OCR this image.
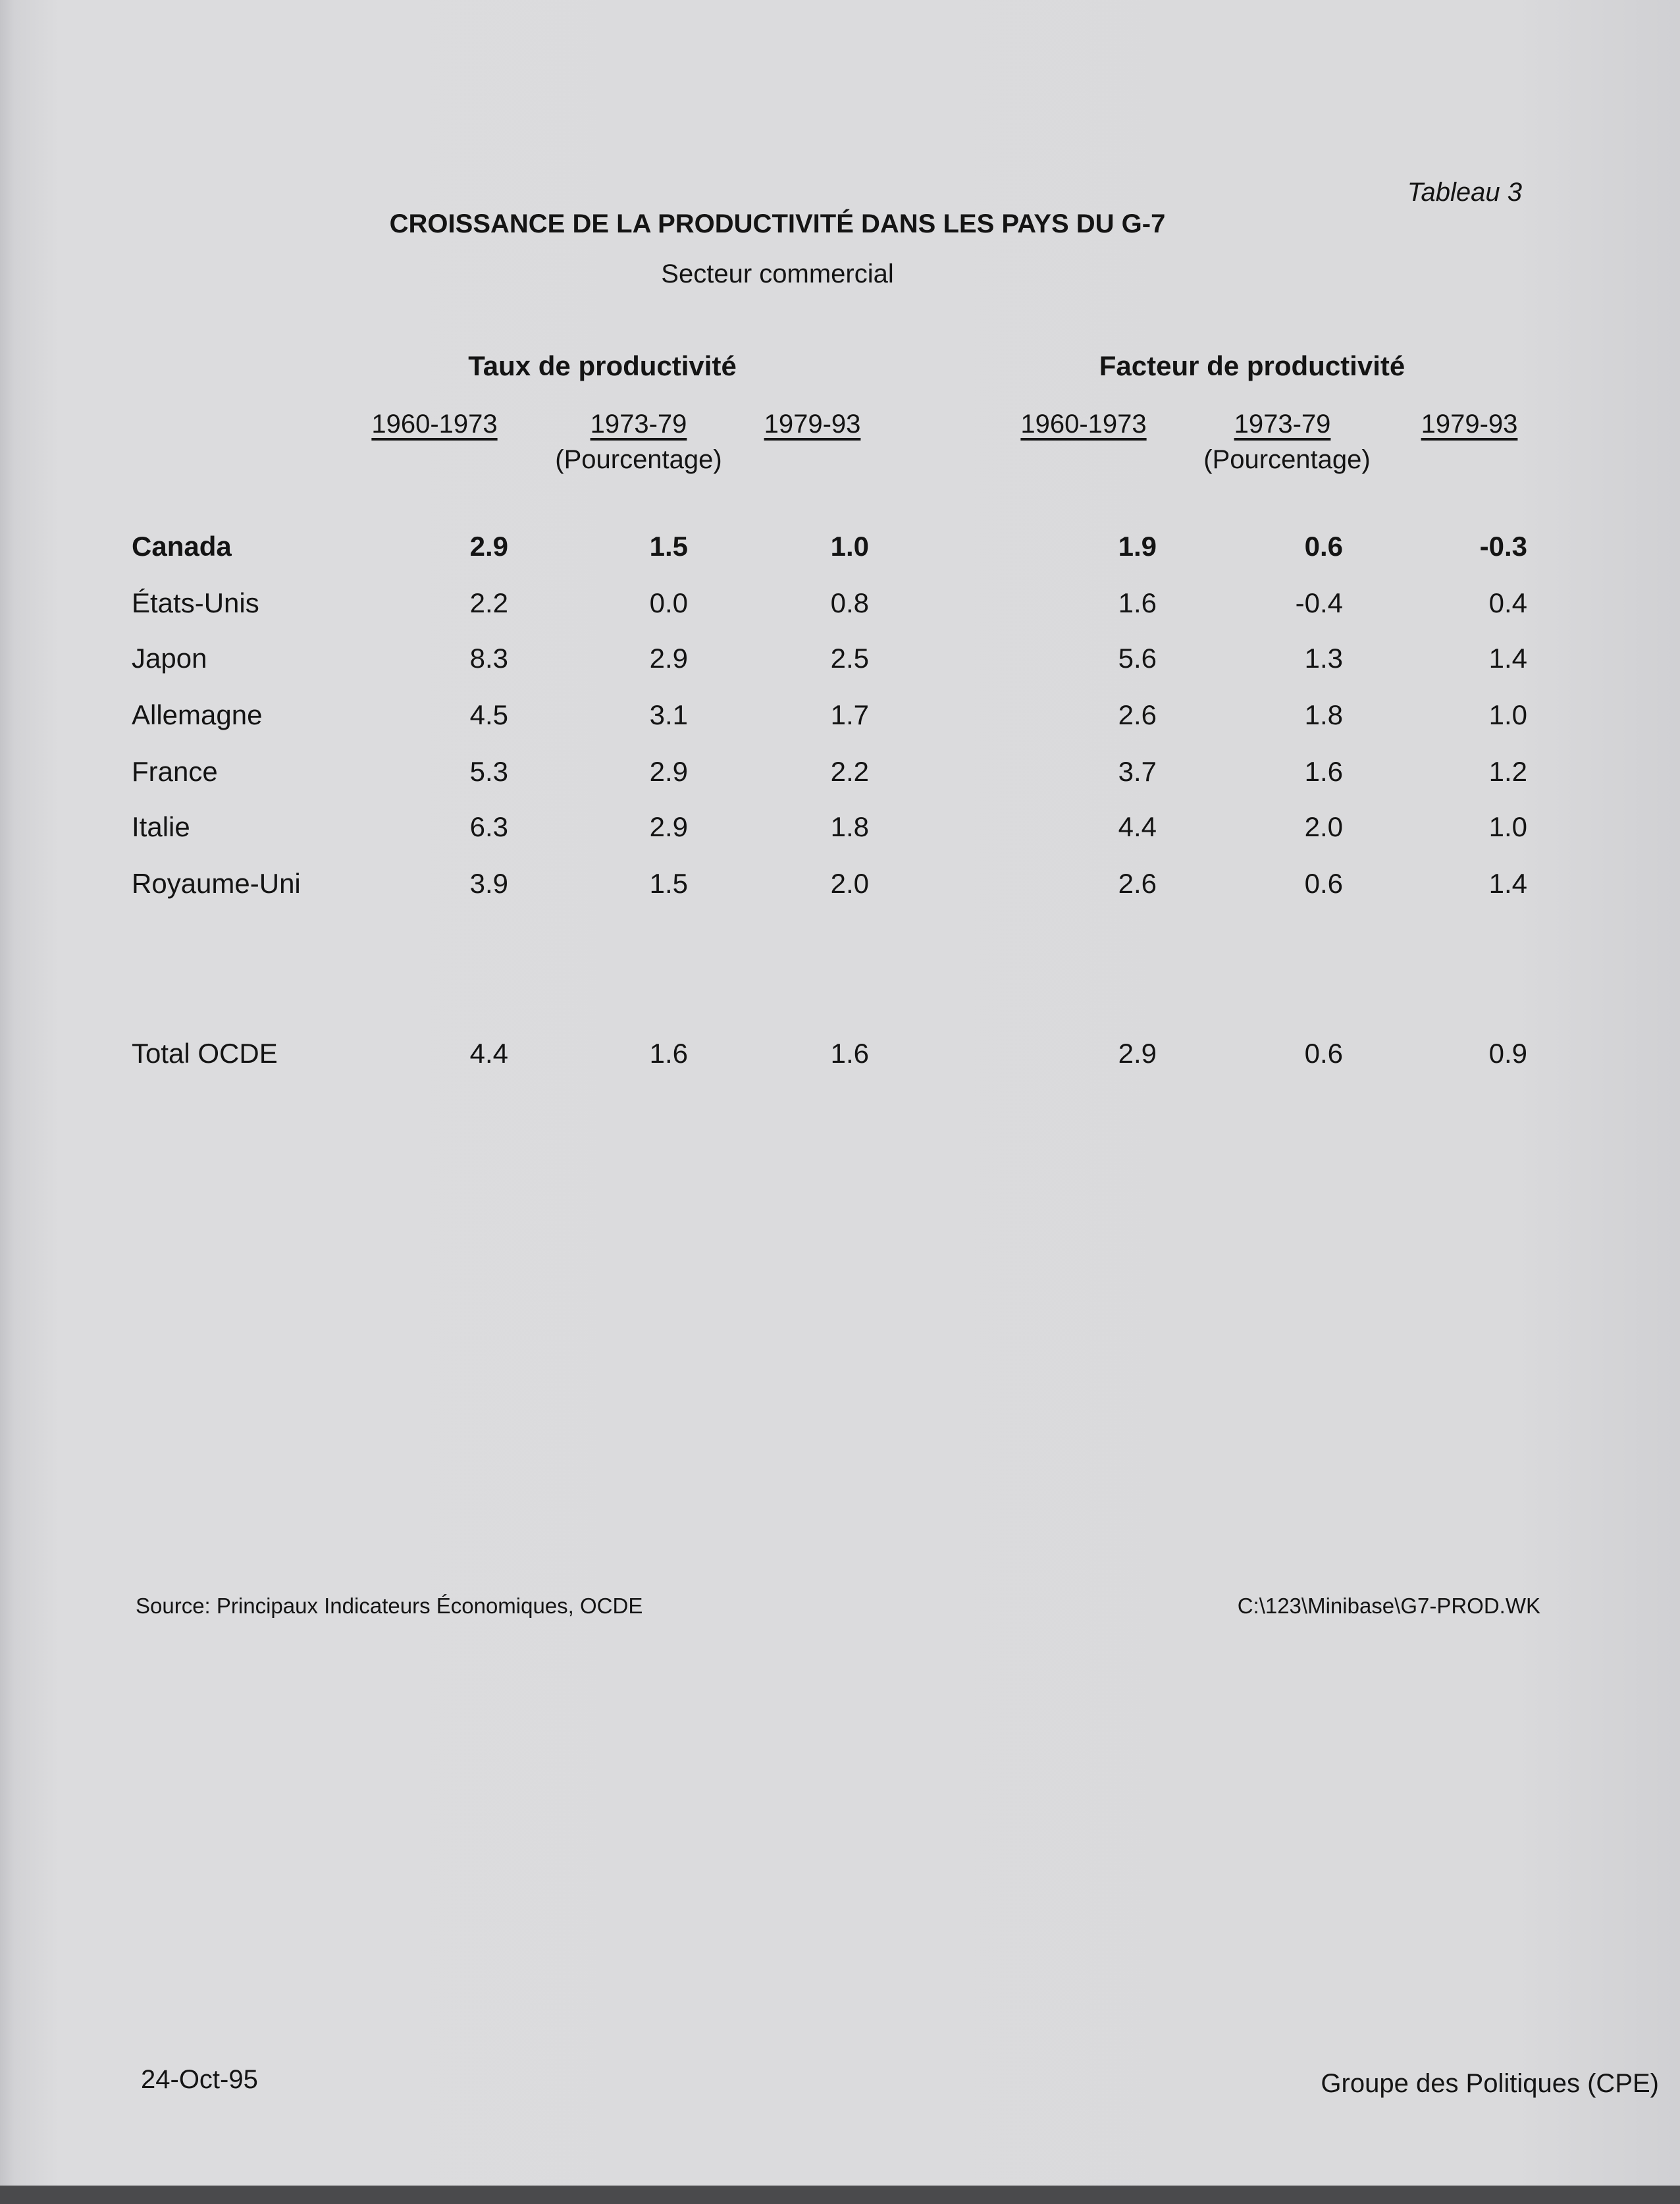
Tableau 3
CROISSANCE DE LA PRODUCTIVITÉ DANS LES PAYS DU G-7
Secteur commercial
Taux de productivité	Facteur de productivité
1960-1973	1973-79	1979-93
(Pourcentage)
1960-1973	1973-79	1979-93
(Pourcentage)
Canada	2.9	1.5	1.0	1.9	0.6	-0.3
États-Unis	2.2	0.0	0.8	1.6	-0.4	0.4
Japon	8.3	2.9	2.5	5.6	1.3	1.4
Allemagne	4.5	3.1	1.7	2.6	1.8	1.0
France	5.3	2.9	2.2	3.7	1.6	1.2
Italie	6.3	2.9	1.8	4.4	2.0	1.0
Royaume-Uni	3.9	1.5	2.0	2.6	0.6	1.4
Total OCDE	4.4	1.6	1.6	2.9	0.6	0.9
Source: Principaux Indicateurs Économiques, OCDE	C:\123\Minibase\G7-PROD.WK
24-Oct-95	Groupe des Politiques (CPE)
